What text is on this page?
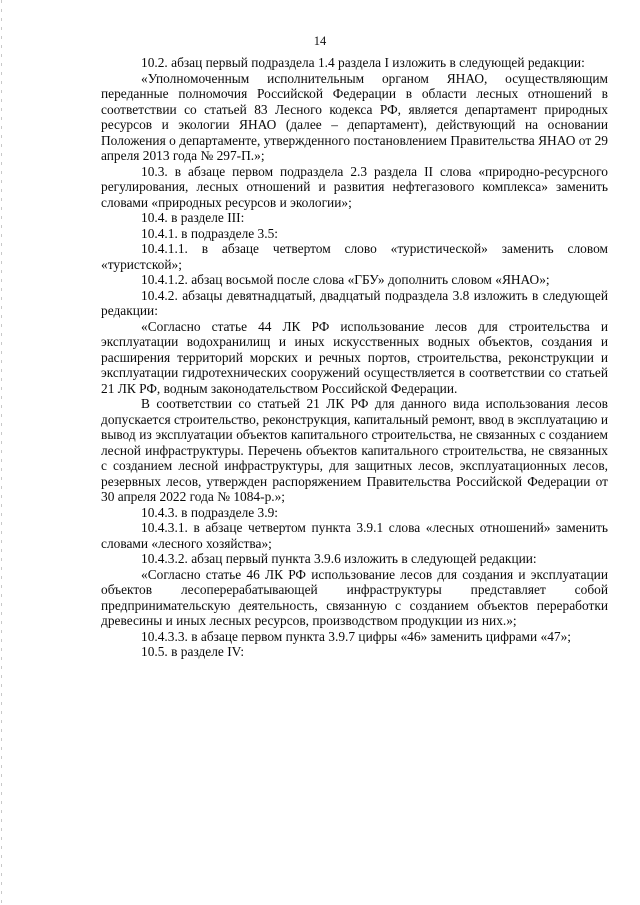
14

10.2. абзац первый подраздела 1.4 раздела I изложить в следующей редакции:

«Уполномоченным исполнительным органом ЯНАО, осуществляющим переданные полномочия Российской Федерации в области лесных отношений в соответствии со статьей 83 Лесного кодекса РФ, является департамент природных ресурсов и экологии ЯНАО (далее – департамент), действующий на основании Положения о департаменте, утвержденного постановлением Правительства ЯНАО от 29 апреля 2013 года № 297-П.»;

10.3. в абзаце первом подраздела 2.3 раздела II слова «природно-ресурсного регулирования, лесных отношений и развития нефтегазового комплекса» заменить словами «природных ресурсов и экологии»;

10.4. в разделе III:

10.4.1. в подразделе 3.5:

10.4.1.1. в абзаце четвертом слово «туристической» заменить словом «туристской»;

10.4.1.2. абзац восьмой после слова «ГБУ» дополнить словом «ЯНАО»;

10.4.2. абзацы девятнадцатый, двадцатый подраздела 3.8 изложить в следующей редакции:

«Согласно статье 44 ЛК РФ использование лесов для строительства и эксплуатации водохранилищ и иных искусственных водных объектов, создания и расширения территорий морских и речных портов, строительства, реконструкции и эксплуатации гидротехнических сооружений осуществляется в соответствии со статьей 21 ЛК РФ, водным законодательством Российской Федерации.

В соответствии со статьей 21 ЛК РФ для данного вида использования лесов допускается строительство, реконструкция, капитальный ремонт, ввод в эксплуатацию и вывод из эксплуатации объектов капитального строительства, не связанных с созданием лесной инфраструктуры. Перечень объектов капитального строительства, не связанных с созданием лесной инфраструктуры, для защитных лесов, эксплуатационных лесов, резервных лесов, утвержден распоряжением Правительства Российской Федерации от 30 апреля 2022 года № 1084-р.»;

10.4.3. в подразделе 3.9:

10.4.3.1. в абзаце четвертом пункта 3.9.1 слова «лесных отношений» заменить словами «лесного хозяйства»;

10.4.3.2. абзац первый пункта 3.9.6 изложить в следующей редакции:

«Согласно статье 46 ЛК РФ использование лесов для создания и эксплуатации объектов лесоперерабатывающей инфраструктуры представляет собой предпринимательскую деятельность, связанную с созданием объектов переработки древесины и иных лесных ресурсов, производством продукции из них.»;

10.4.3.3. в абзаце первом пункта 3.9.7 цифры «46» заменить цифрами «47»;

10.5. в разделе IV:
